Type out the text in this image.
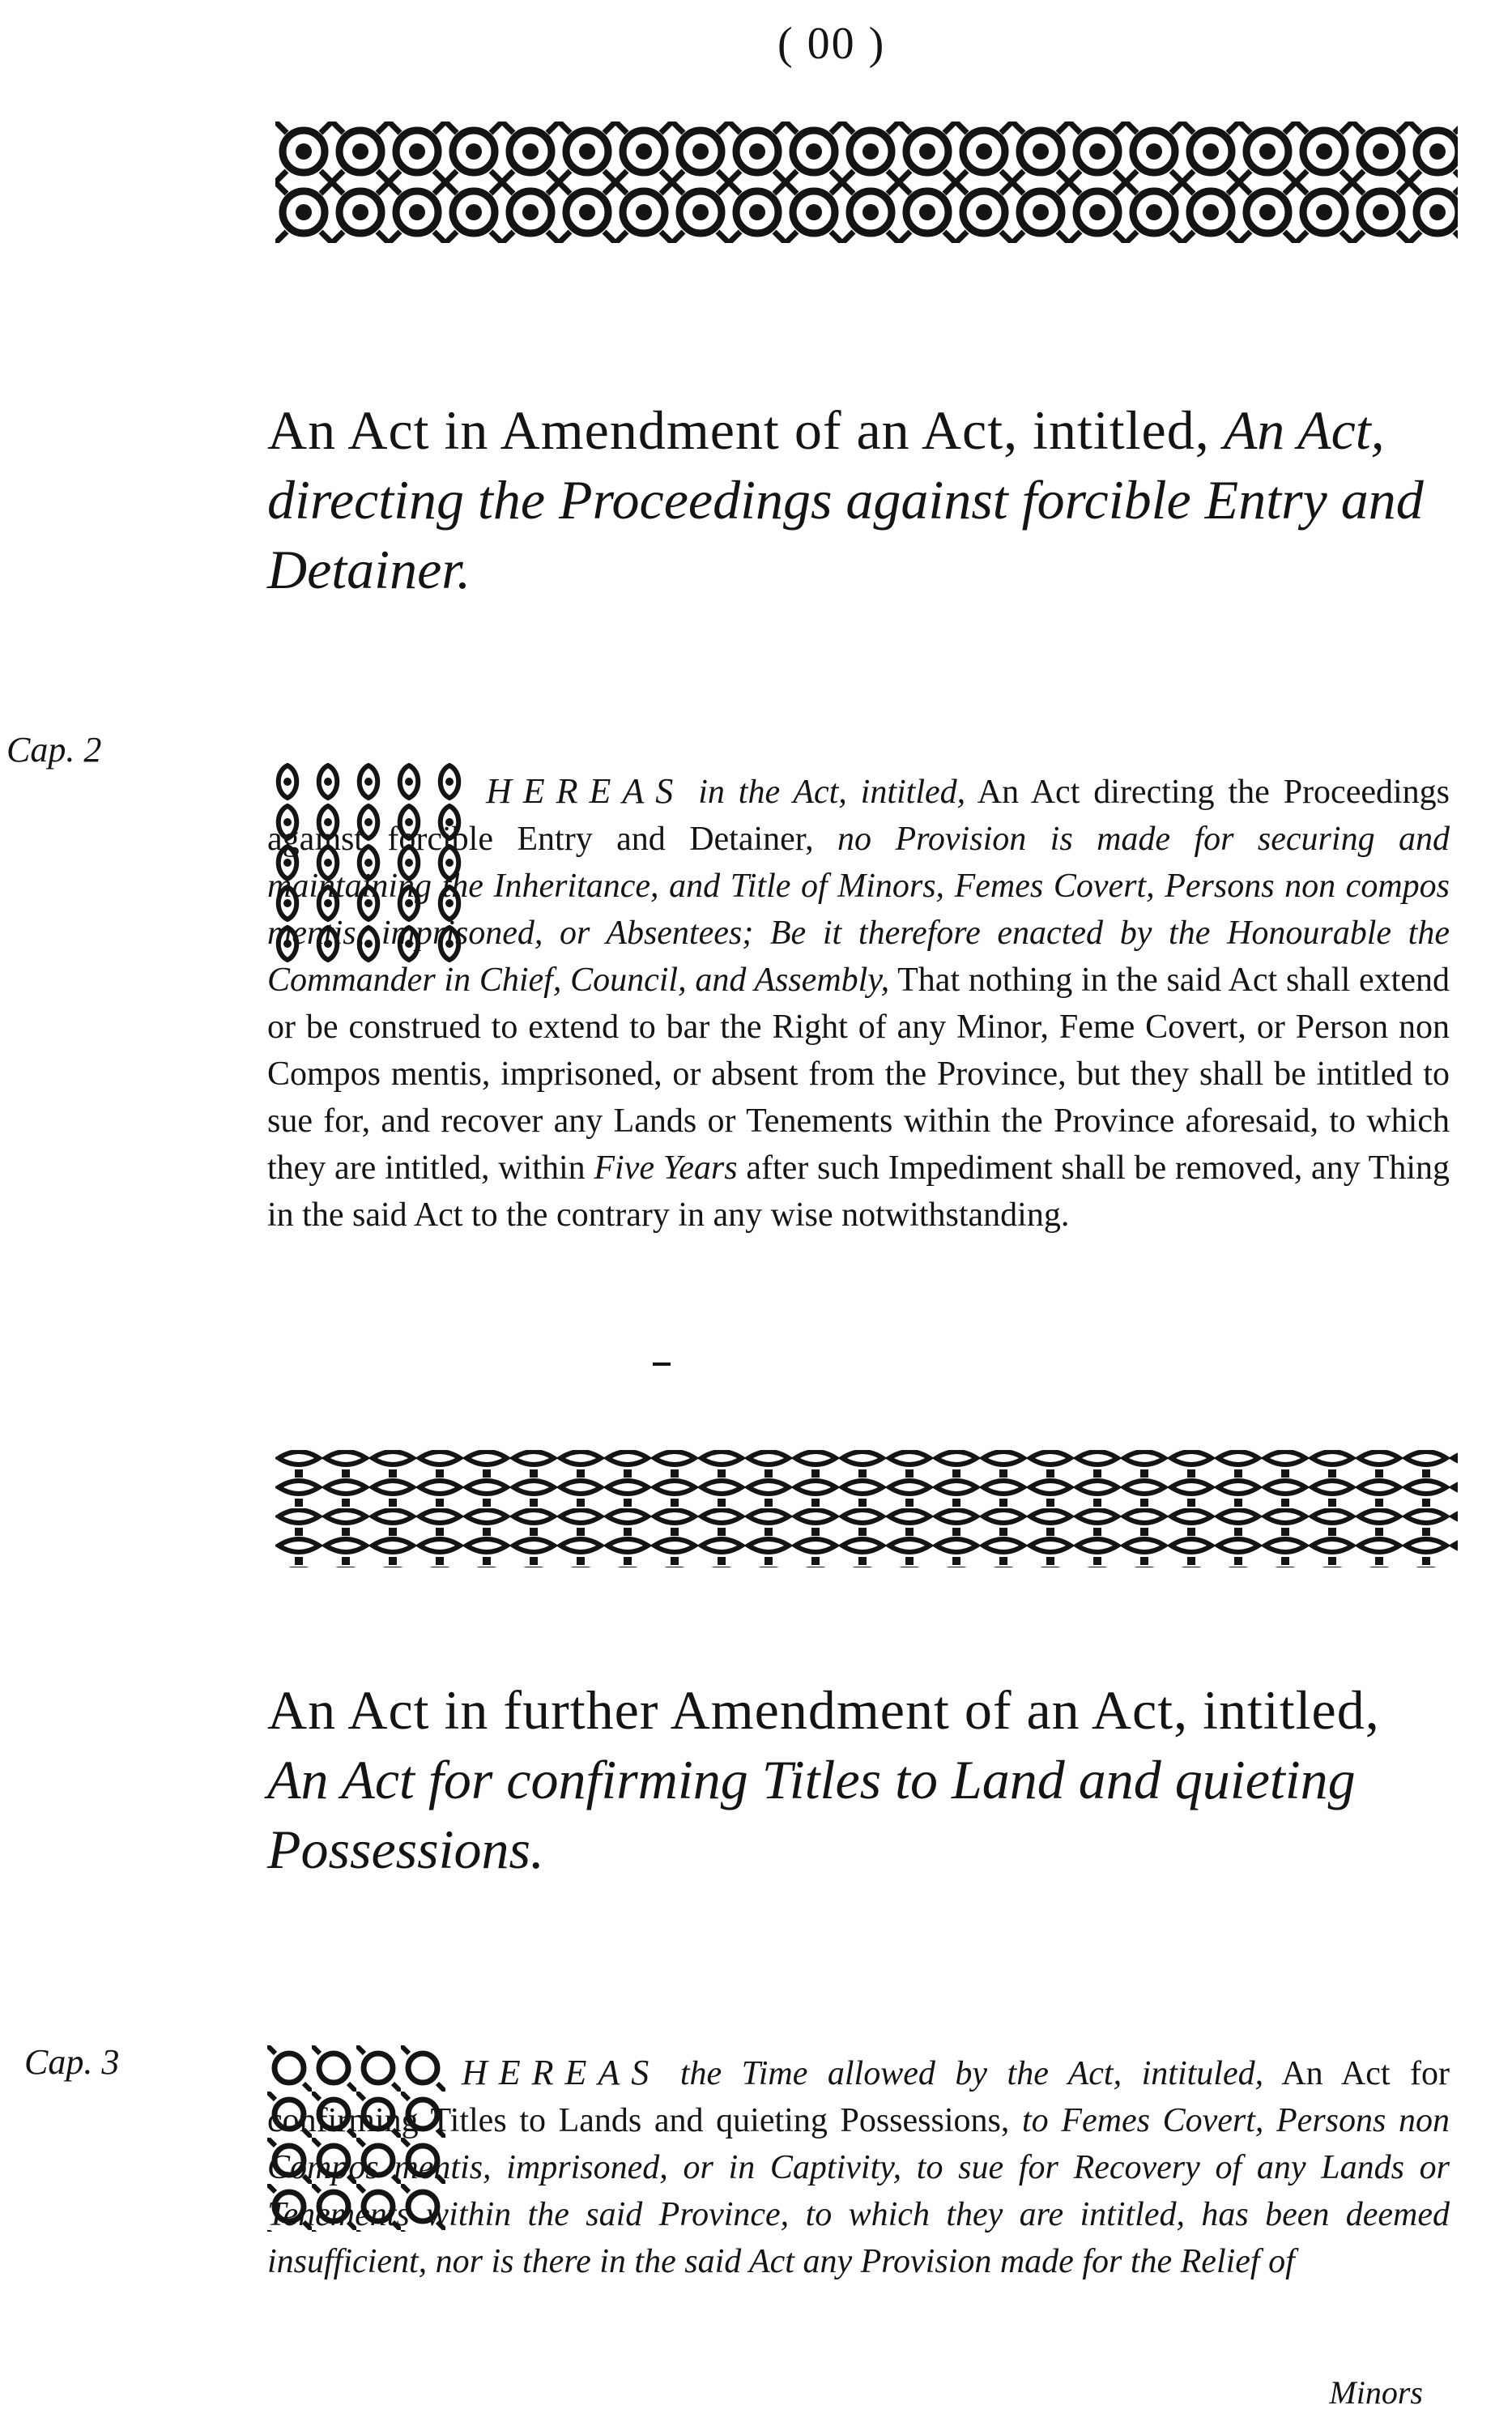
( 00 )
An Act in Amendment of an Act, intitled, An Act, directing the Proceedings against forcible Entry and Detainer.
Cap. 2
HEREAS in the Act, intitled, An Act directing the Proceedings against forcible Entry and Detainer, no Provision is made for securing and maintaining the Inheritance, and Title of Minors, Femes Covert, Persons non compos mentis, imprisoned, or Absentees; Be it therefore enacted by the Honourable the Commander in Chief, Council, and Assembly, That nothing in the said Act shall extend or be construed to extend to bar the Right of any Minor, Feme Covert, or Person non Compos mentis, imprisoned, or absent from the Province, but they shall be intitled to sue for, and recover any Lands or Tenements within the Province aforesaid, to which they are intitled, within Five Years after such Impediment shall be removed, any Thing in the said Act to the contrary in any wise notwithstanding.
An Act in further Amendment of an Act, intitled, An Act for confirming Titles to Land and quieting Possessions.
Cap. 3	HEREAS the Time allowed by the Act, intituled, An Act for confirming Titles to Lands and quieting Possessions, to Femes Covert, Persons non Compos mentis, imprisoned, or in Captivity, to sue for Recovery of any Lands or Tenements within the said Province, to which they are intitled, has been deemed insufficient, nor is there in the said Act any Provision made for the Relief of
Minors
